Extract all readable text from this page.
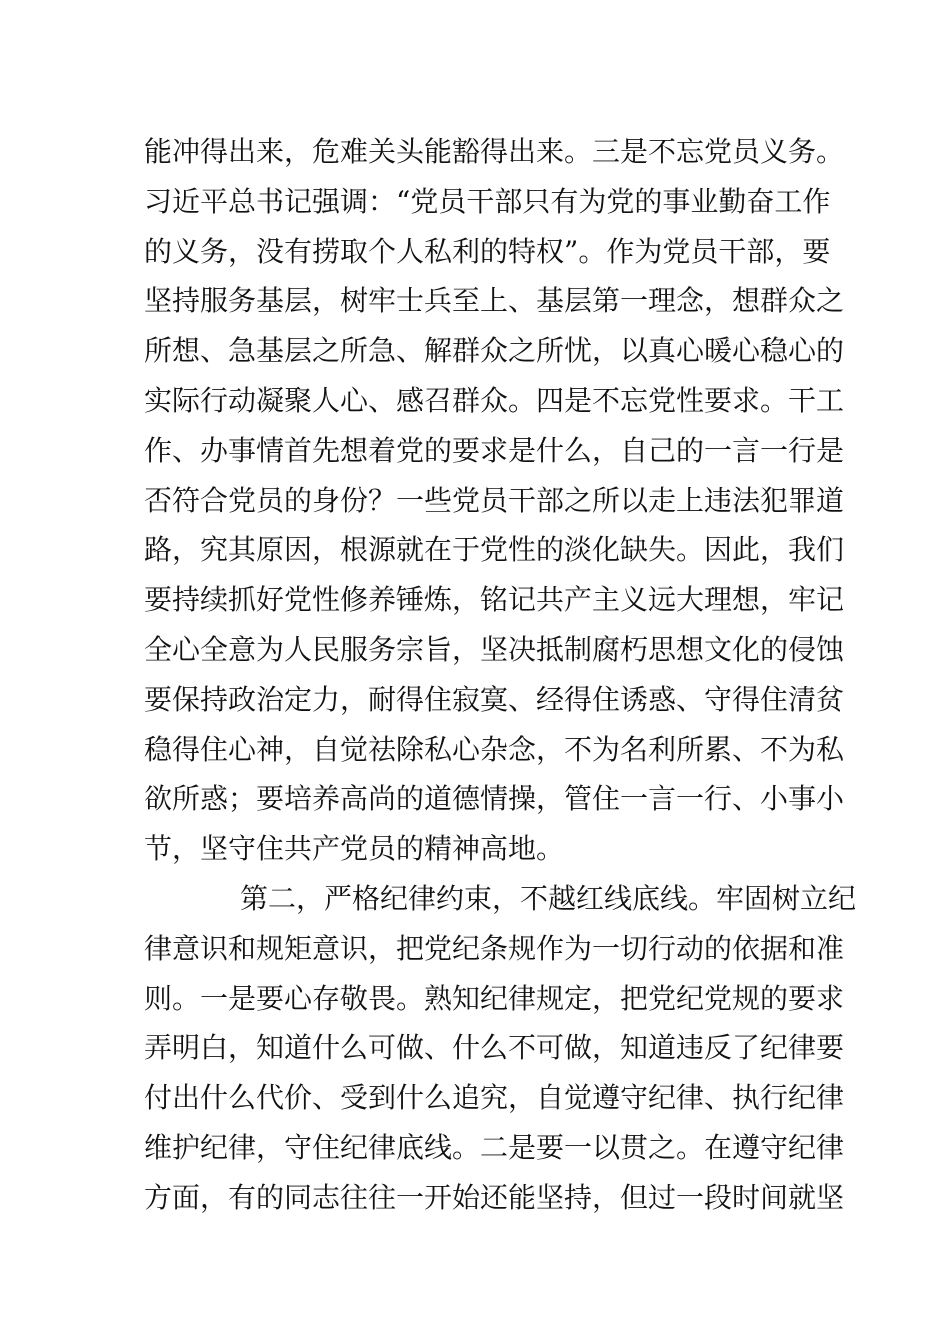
能冲得出来，危难关头能豁得出来。三是不忘党员义务。
习近平总书记强调：“党员干部只有为党的事业勤奋工作
的义务，没有捞取个人私利的特权”。作为党员干部，要
坚持服务基层，树牢士兵至上、基层第一理念，想群众之
所想、急基层之所急、解群众之所忧，以真心暖心稳心的
实际行动凝聚人心、感召群众。四是不忘党性要求。干工
作、办事情首先想着党的要求是什么，自己的一言一行是
否符合党员的身份？一些党员干部之所以走上违法犯罪道
路，究其原因，根源就在于党性的淡化缺失。因此，我们
要持续抓好党性修养锤炼，铭记共产主义远大理想，牢记
全心全意为人民服务宗旨，坚决抵制腐朽思想文化的侵蚀
要保持政治定力，耐得住寂寞、经得住诱惑、守得住清贫
稳得住心神，自觉祛除私心杂念，不为名利所累、不为私
欲所惑；要培养高尚的道德情操，管住一言一行、小事小
节，坚守住共产党员的精神高地。
第二，严格纪律约束，不越红线底线。牢固树立纪
律意识和规矩意识，把党纪条规作为一切行动的依据和准
则。一是要心存敬畏。熟知纪律规定，把党纪党规的要求
弄明白，知道什么可做、什么不可做，知道违反了纪律要
付出什么代价、受到什么追究，自觉遵守纪律、执行纪律
维护纪律，守住纪律底线。二是要一以贯之。在遵守纪律
方面，有的同志往往一开始还能坚持，但过一段时间就坚
